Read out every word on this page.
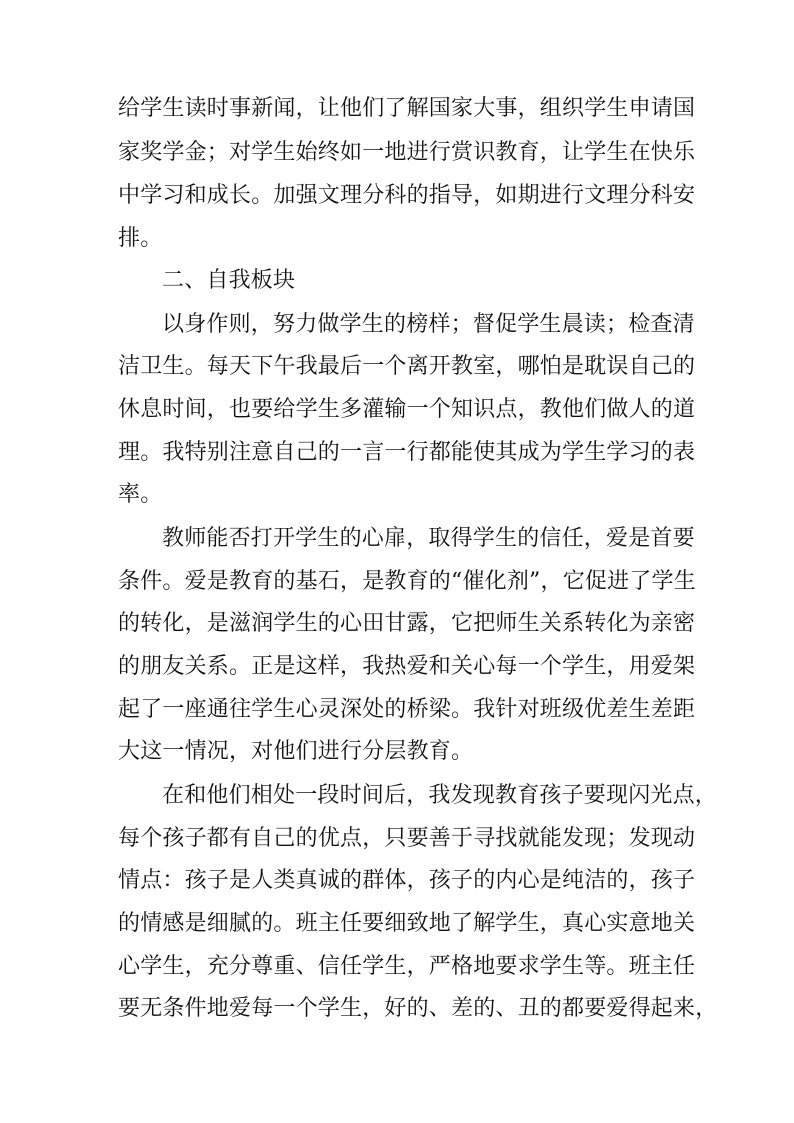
给学生读时事新闻，让他们了解国家大事，组织学生申请国
家奖学金；对学生始终如一地进行赏识教育，让学生在快乐
中学习和成长。加强文理分科的指导，如期进行文理分科安
排。
二、自我板块
以身作则，努力做学生的榜样；督促学生晨读；检查清
洁卫生。每天下午我最后一个离开教室，哪怕是耽误自己的
休息时间，也要给学生多灌输一个知识点，教他们做人的道
理。我特别注意自己的一言一行都能使其成为学生学习的表
率。
教师能否打开学生的心扉，取得学生的信任，爱是首要
条件。爱是教育的基石，是教育的“催化剂”，它促进了学生
的转化，是滋润学生的心田甘露，它把师生关系转化为亲密
的朋友关系。正是这样，我热爱和关心每一个学生，用爱架
起了一座通往学生心灵深处的桥梁。我针对班级优差生差距
大这一情况，对他们进行分层教育。
在和他们相处一段时间后，我发现教育孩子要现闪光点，
每个孩子都有自己的优点，只要善于寻找就能发现；发现动
情点：孩子是人类真诚的群体，孩子的内心是纯洁的，孩子
的情感是细腻的。班主任要细致地了解学生，真心实意地关
心学生，充分尊重、信任学生，严格地要求学生等。班主任
要无条件地爱每一个学生，好的、差的、丑的都要爱得起来，
